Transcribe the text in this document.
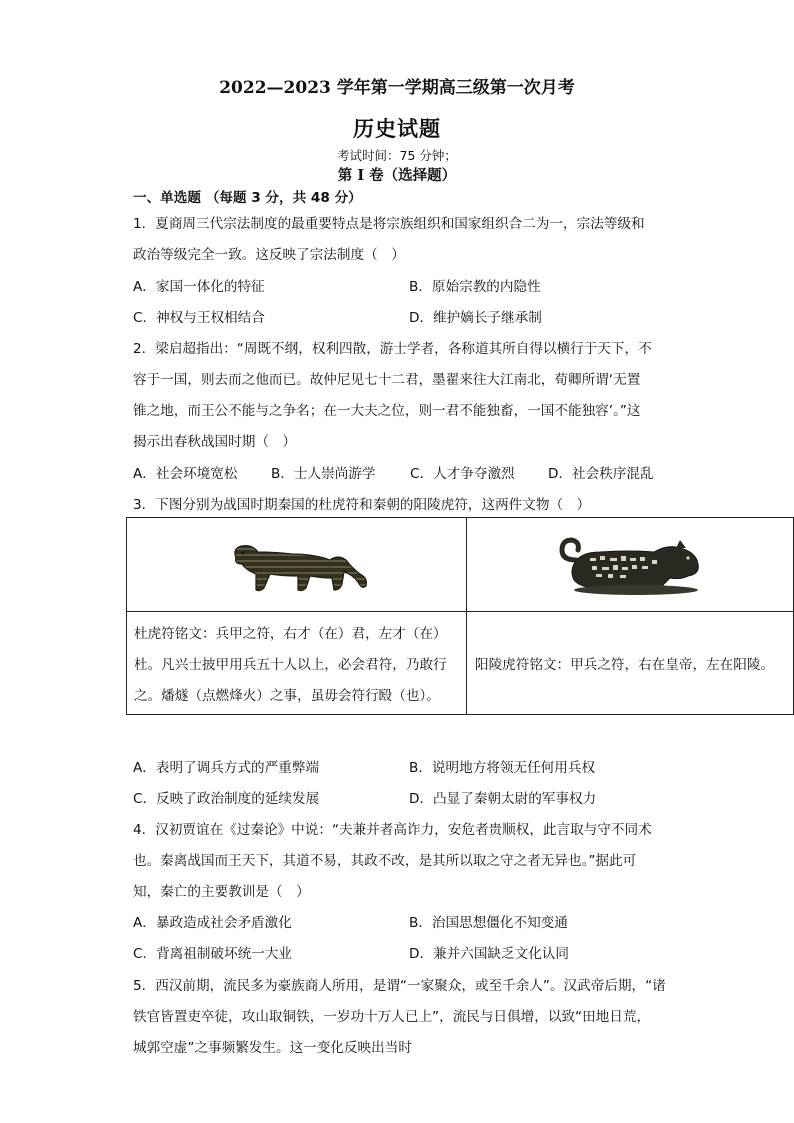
2022—2023 学年第一学期高三级第一次月考
历史试题
考试时间：75 分钟；
第 I 卷（选择题）
一、单选题 （每题 3 分，共 48 分）
1．夏商周三代宗法制度的最重要特点是将宗族组织和国家组织合二为一，宗法等级和
政治等级完全一致。这反映了宗法制度（　）
A．家国一体化的特征	B．原始宗教的内隐性
C．神权与王权相结合	D．维护嫡长子继承制
2．梁启超指出：“周既不纲，权利四散，游士学者，各称道其所自得以横行于天下，不
容于一国，则去而之他而已。故仲尼见七十二君，墨翟来往大江南北，荀卿所谓‘无置
锥之地，而王公不能与之争名；在一大夫之位，则一君不能独畜，一国不能独容’。”这
揭示出春秋战国时期（　）
A．社会环境宽松 B．士人崇尚游学	C．人才争夺激烈 D．社会秩序混乱
3．下图分别为战国时期秦国的杜虎符和秦朝的阳陵虎符，这两件文物（　）
杜虎符铭文：兵甲之符，右才（在）君，左才（在）杜。凡兴士披甲用兵五十人以上，必会君符，乃敢行之。燔燧（点燃烽火）之事，虽毋会符行殹（也）。
阳陵虎符铭文：甲兵之符，右在皇帝，左在阳陵。
A．表明了调兵方式的严重弊端	B．说明地方将领无任何用兵权
C．反映了政治制度的延续发展	D．凸显了秦朝太尉的军事权力
4．汉初贾谊在《过秦论》中说：“夫兼并者高诈力，安危者贵顺权，此言取与守不同术
也。秦离战国而王天下，其道不易，其政不改，是其所以取之守之者无异也。”据此可
知，秦亡的主要教训是（　）
A．暴政造成社会矛盾激化	B．治国思想僵化不知变通
C．背离祖制破坏统一大业	D．兼并六国缺乏文化认同
5．西汉前期，流民多为豪族商人所用，是谓“一家聚众，或至千余人”。汉武帝后期，“诸
铁官皆置吏卒徒，攻山取铜铁，一岁功十万人已上”，流民与日俱增，以致“田地日荒，
城郭空虚”之事频繁发生。这一变化反映出当时
